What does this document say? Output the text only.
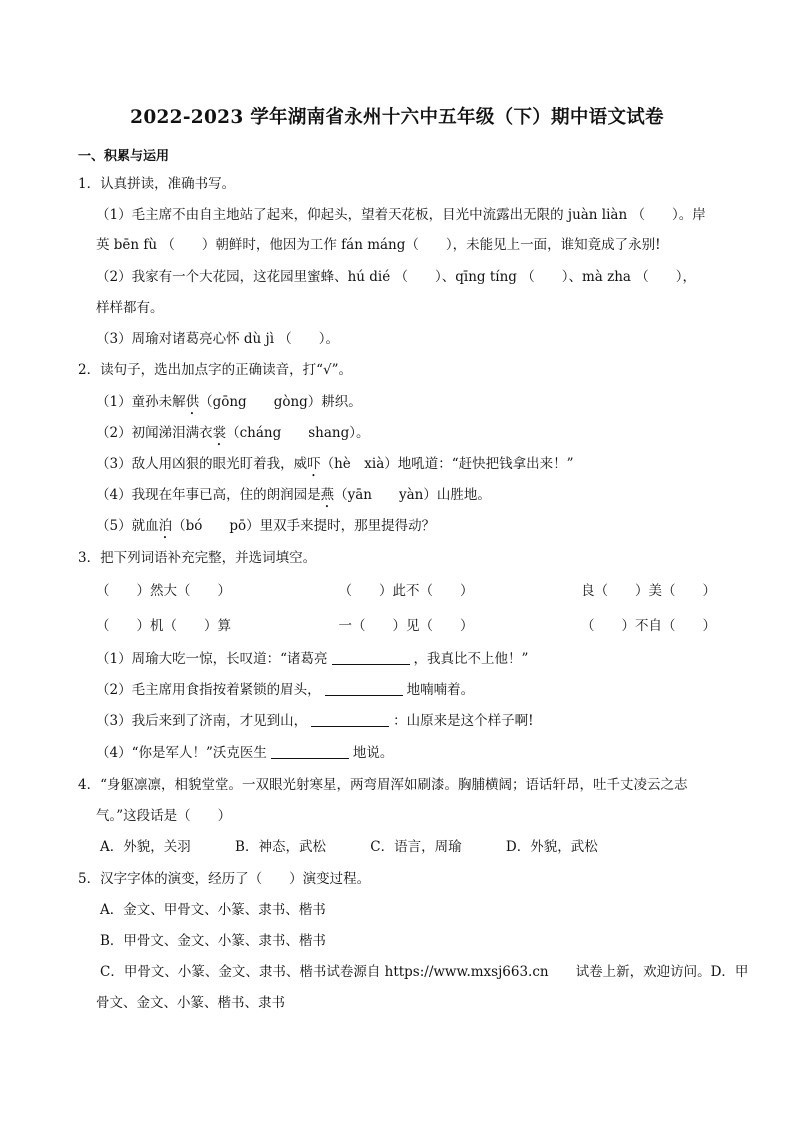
2022-2023 学年湖南省永州十六中五年级（下）期中语文试卷
一、积累与运用
1．认真拼读，准确书写。
（1）毛主席不由自主地站了起来，仰起头，望着天花板，目光中流露出无限的 juàn liàn （　　）。岸
英 bēn fù （　　）朝鲜时，他因为工作 fán máng（　　），未能见上一面，谁知竟成了永别!
（2）我家有一个大花园，这花园里蜜蜂、hú dié （　　）、qīng tíng （　　）、mà zha （　　），
样样都有。
（3）周瑜对诸葛亮心怀 dù jì （　　）。
2．读句子，选出加点字的正确读音，打“√”。
（1）童孙未解供（gōng　　gòng）耕织。
（2）初闻涕泪满衣裳（cháng　　shang）。
（3）敌人用凶狠的眼光盯着我，威吓（hè　xià）地吼道：“赶快把钱拿出来！”
（4）我现在年事已高，住的朗润园是燕（yān　　yàn）山胜地。
（5）就血泊（bó　　pō）里双手来提时，那里提得动？
3．把下列词语补充完整，并选词填空。
（　　）然大（　　）	（　　）此不（　　）	良（　　）美（　　）
（　　）机（　　）算	一（　　）见（　　）	（　　）不自（　　）
（1）周瑜大吃一惊，长叹道：“诸葛亮	，我真比不上他！”
（2）毛主席用食指按着紧锁的眉头，	地喃喃着。
（3）我后来到了济南，才见到山，	：山原来是这个样子啊!
（4）“你是军人！”沃克医生	地说。
4．“身躯凛凛，相貌堂堂。一双眼光射寒星，两弯眉浑如刷漆。胸脯横阔；语话轩昂，吐千丈凌云之志
气。”这段话是（　　）
A．外貌，关羽	B．神态，武松	C．语言，周瑜	D．外貌，武松
5．汉字字体的演变，经历了（　　）演变过程。
A．金文、甲骨文、小篆、隶书、楷书
B．甲骨文、金文、小篆、隶书、楷书
C．甲骨文、小篆、金文、隶书、楷书试卷源自 https://www.mxsj663.cn　　试卷上新，欢迎访问。D．甲
骨文、金文、小篆、楷书、隶书
